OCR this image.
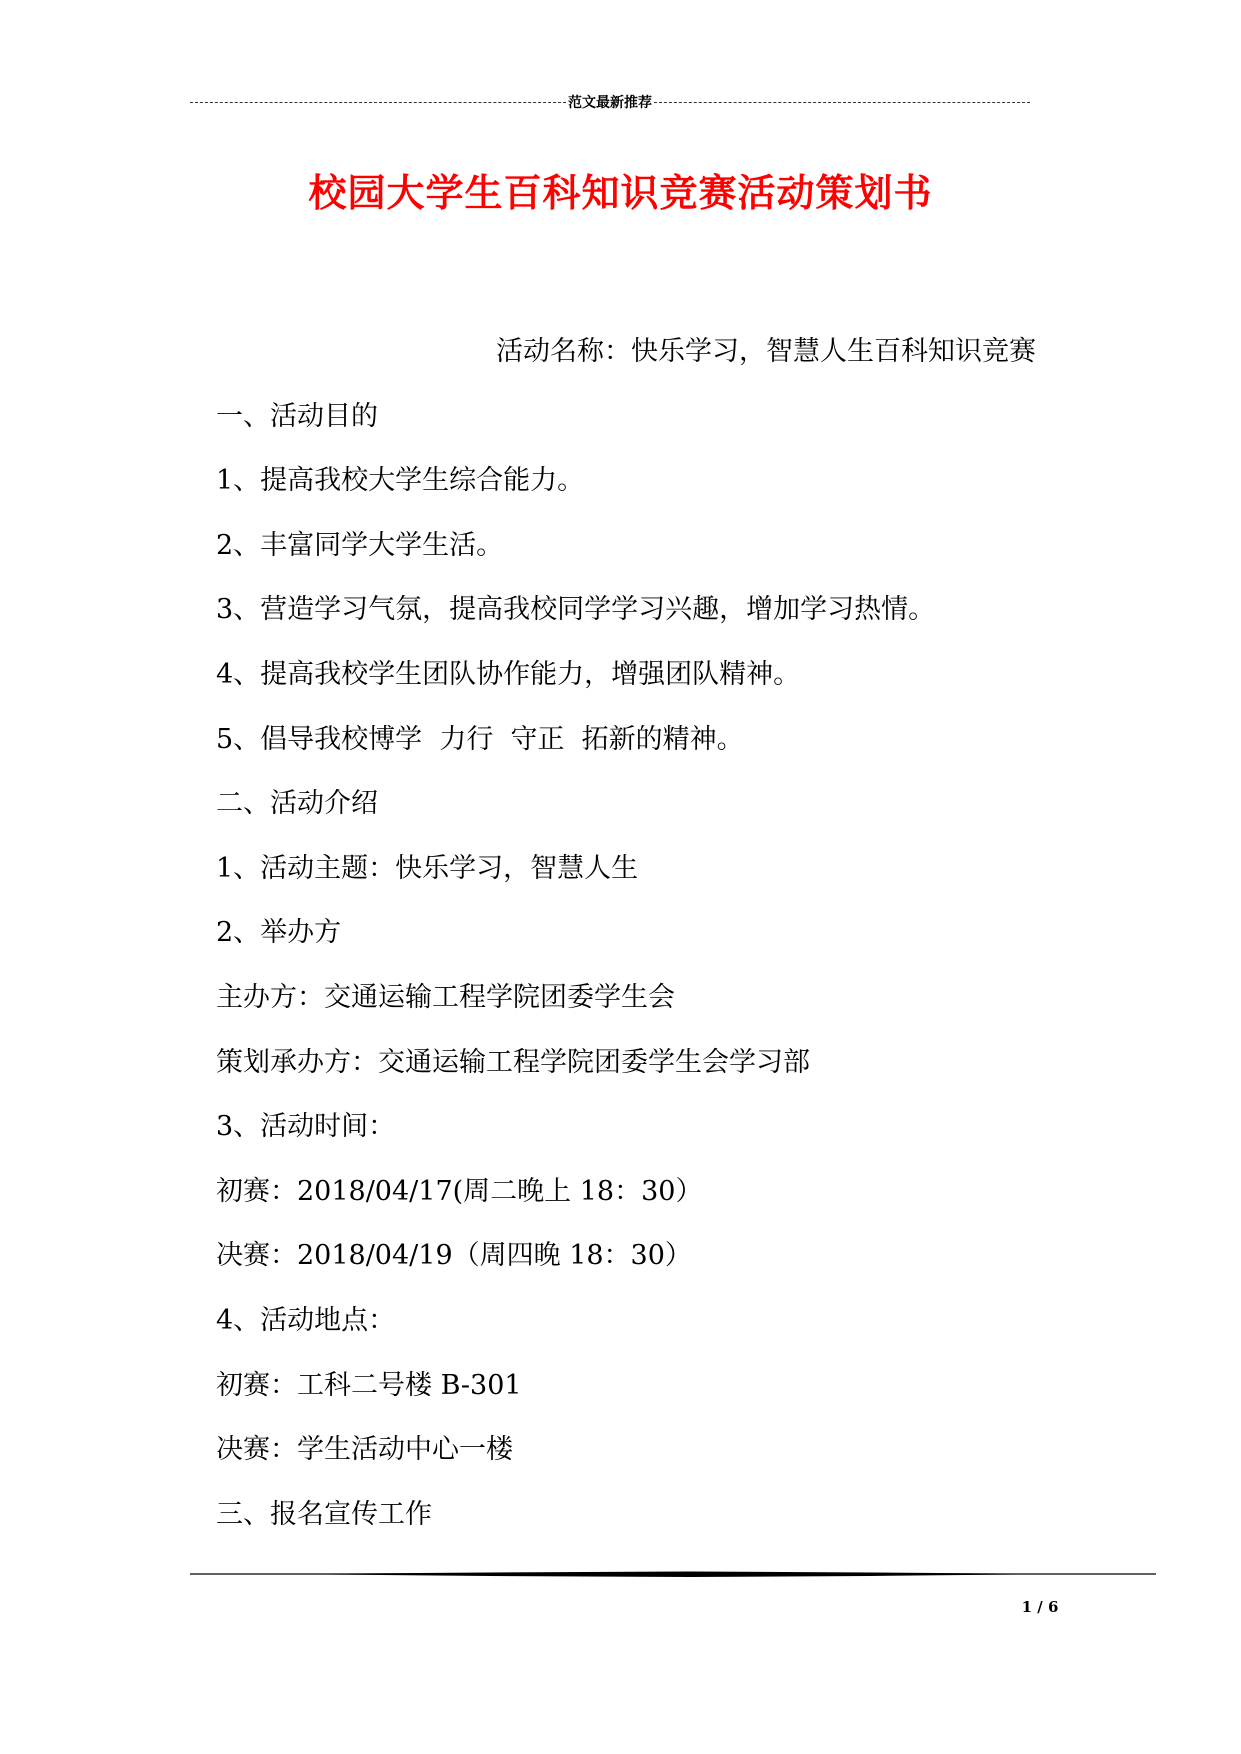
范文最新推荐
校园大学生百科知识竞赛活动策划书
活动名称：快乐学习，智慧人生百科知识竞赛
一、活动目的
1、提高我校大学生综合能力。
2、丰富同学大学生活。
3、营造学习气氛，提高我校同学学习兴趣，增加学习热情。
4、提高我校学生团队协作能力，增强团队精神。
5、倡导我校博学  力行  守正  拓新的精神。
二、活动介绍
1、活动主题：快乐学习，智慧人生
2、举办方
主办方：交通运输工程学院团委学生会
策划承办方：交通运输工程学院团委学生会学习部
3、活动时间：
初赛：2018/04/17(周二晚上 18：30）
决赛：2018/04/19（周四晚 18：30）
4、活动地点：
初赛：工科二号楼 B-301
决赛：学生活动中心一楼
三、报名宣传工作
1 / 6
